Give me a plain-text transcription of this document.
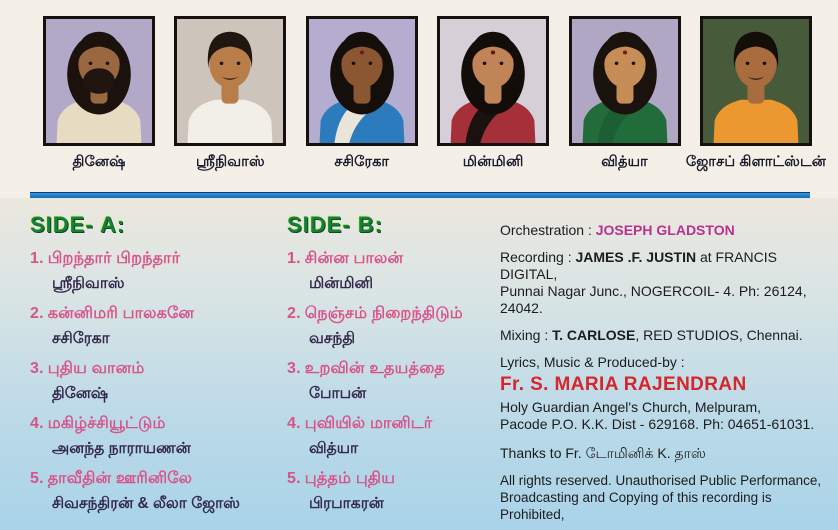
தினேஷ்	ஸ்ரீநிவாஸ்	சசிரேகா	மின்மினி	வித்யா	ஜோசப் கிளாட்ஸ்டன்
SIDE- A:
1. பிறந்தார் பிறந்தார்
ஸ்ரீநிவாஸ்
2. கன்னிமரி பாலகனே
சசிரேகா
3. புதிய வானம்
தினேஷ்
4. மகிழ்ச்சியூட்டும்
அனந்த நாராயணன்
5. தாவீதின் ஊரினிலே
சிவசந்திரன் & லீலா ஜோஸ்
SIDE- B:
1. சின்ன பாலன்
மின்மினி
2. நெஞ்சம் நிறைந்திடும்
வசந்தி
3. உறவின் உதயத்தை
போபன்
4. புவியில் மானிடர்
வித்யா
5. புத்தம் புதிய
பிரபாகரன்
Orchestration : JOSEPH GLADSTON
Recording : JAMES .F. JUSTIN at FRANCIS DIGITAL,
Punnai Nagar Junc., NOGERCOIL- 4. Ph: 26124, 24042.
Mixing : T. CARLOSE, RED STUDIOS, Chennai.
Lyrics, Music & Produced-by :
Fr. S. MARIA RAJENDRAN
Holy Guardian Angel's Church, Melpuram,
Pacode P.O. K.K. Dist - 629168. Ph: 04651-61031.
Thanks to Fr. டோமினிக் K. தாஸ்
All rights reserved. Unauthorised Public Performance,
Broadcasting and Copying of this recording is Prohibited,
